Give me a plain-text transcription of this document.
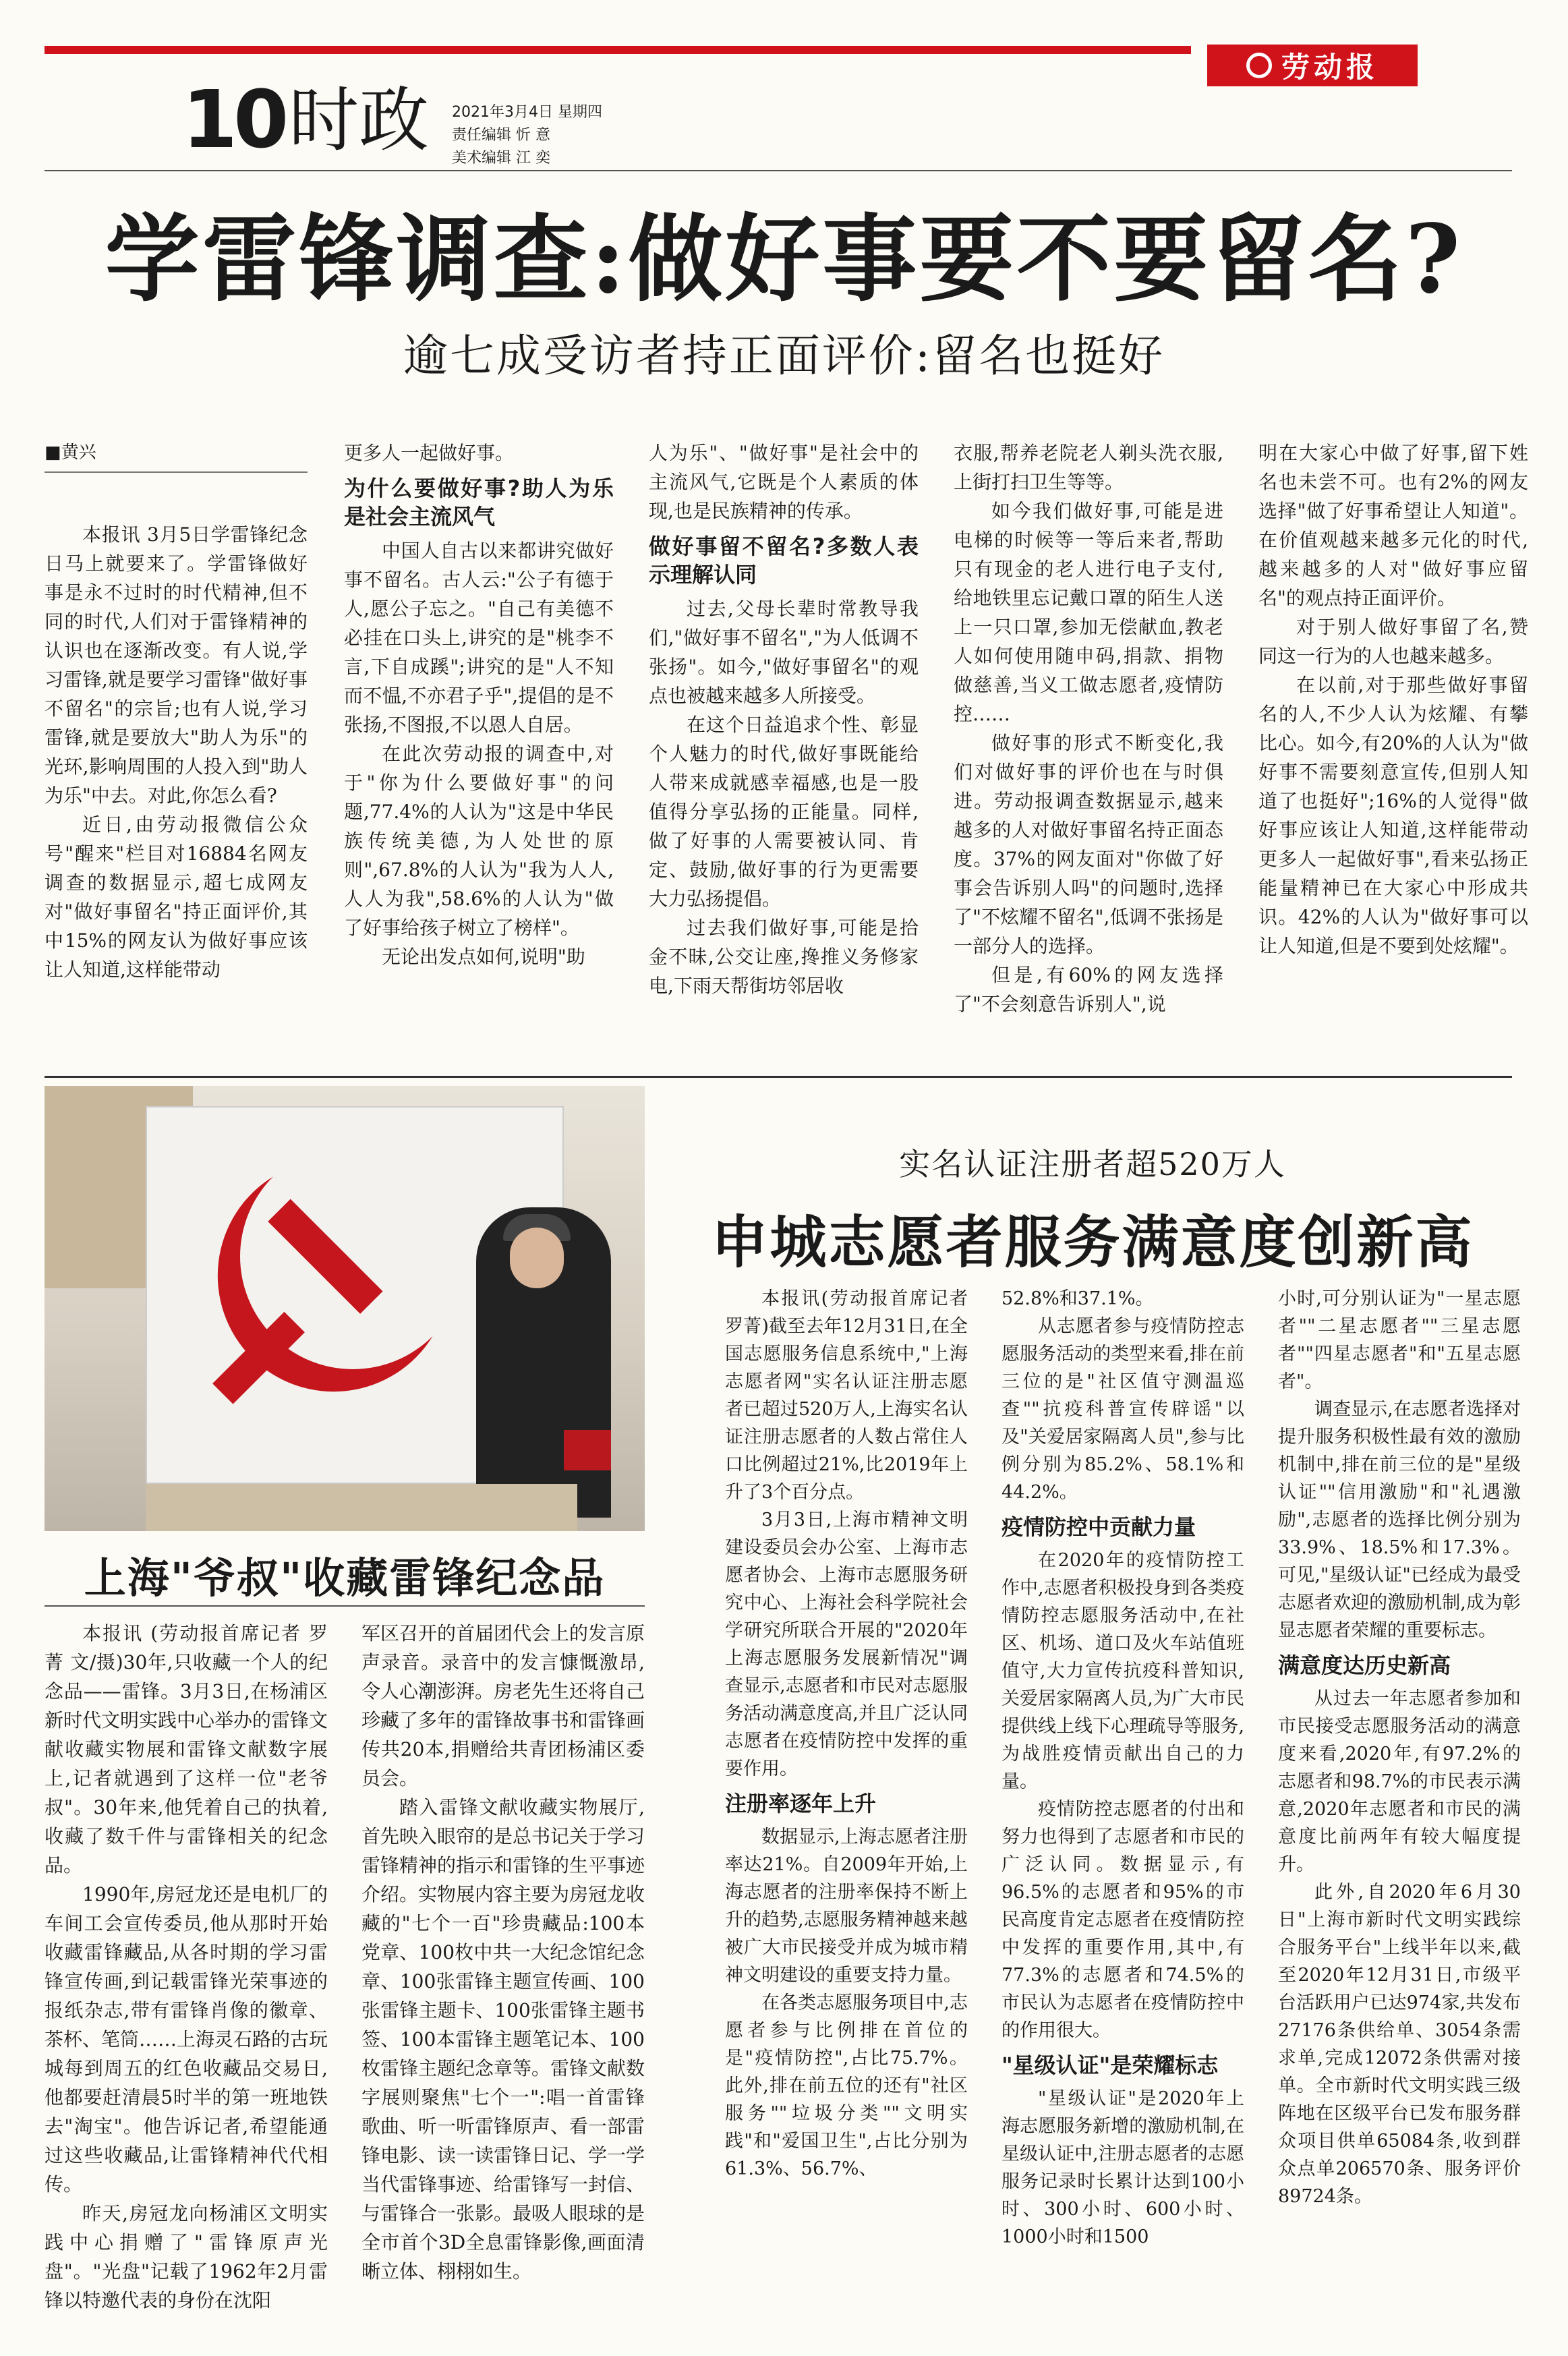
劳动报
10 时政 2021年3月4日 星期四
责任编辑 忻 意
美术编辑 江 奕
学雷锋调查:做好事要不要留名?
逾七成受访者持正面评价:留名也挺好
■黄兴

本报讯 3月5日学雷锋纪念日马上就要来了。学雷锋做好事是永不过时的时代精神,但不同的时代,人们对于雷锋精神的认识也在逐渐改变。有人说,学习雷锋,就是要学习雷锋"做好事不留名"的宗旨;也有人说,学习雷锋,就是要放大"助人为乐"的光环,影响周围的人投入到"助人为乐"中去。对此,你怎么看?

近日,由劳动报微信公众号"醒来"栏目对16884名网友调查的数据显示,超七成网友对"做好事留名"持正面评价,其中15%的网友认为做好事应该让人知道,这样能带动

更多人一起做好事。

为什么要做好事?助人为乐是社会主流风气

中国人自古以来都讲究做好事不留名。古人云:"公子有德于人,愿公子忘之。"自己有美德不必挂在口头上,讲究的是"桃李不言,下自成蹊";讲究的是"人不知而不愠,不亦君子乎",提倡的是不张扬,不图报,不以恩人自居。

在此次劳动报的调查中,对于"你为什么要做好事"的问题,77.4%的人认为"这是中华民族传统美德,为人处世的原则",67.8%的人认为"我为人人,人人为我",58.6%的人认为"做了好事给孩子树立了榜样"。

无论出发点如何,说明"助

人为乐"、"做好事"是社会中的主流风气,它既是个人素质的体现,也是民族精神的传承。

做好事留不留名?多数人表示理解认同

过去,父母长辈时常教导我们,"做好事不留名","为人低调不张扬"。如今,"做好事留名"的观点也被越来越多人所接受。

在这个日益追求个性、彰显个人魅力的时代,做好事既能给人带来成就感幸福感,也是一股值得分享弘扬的正能量。同样,做了好事的人需要被认同、肯定、鼓励,做好事的行为更需要大力弘扬提倡。

过去我们做好事,可能是拾金不昧,公交让座,搀推义务修家电,下雨天帮街坊邻居收

衣服,帮养老院老人剃头洗衣服,上街打扫卫生等等。

如今我们做好事,可能是进电梯的时候等一等后来者,帮助只有现金的老人进行电子支付,给地铁里忘记戴口罩的陌生人送上一只口罩,参加无偿献血,教老人如何使用随申码,捐款、捐物做慈善,当义工做志愿者,疫情防控……

做好事的形式不断变化,我们对做好事的评价也在与时俱进。劳动报调查数据显示,越来越多的人对做好事留名持正面态度。37%的网友面对"你做了好事会告诉别人吗"的问题时,选择了"不炫耀不留名",低调不张扬是一部分人的选择。

但是,有60%的网友选择了"不会刻意告诉别人",说

明在大家心中做了好事,留下姓名也未尝不可。也有2%的网友选择"做了好事希望让人知道"。在价值观越来越多元化的时代,越来越多的人对"做好事应留名"的观点持正面评价。

对于别人做好事留了名,赞同这一行为的人也越来越多。

在以前,对于那些做好事留名的人,不少人认为炫耀、有攀比心。如今,有20%的人认为"做好事不需要刻意宣传,但别人知道了也挺好";16%的人觉得"做好事应该让人知道,这样能带动更多人一起做好事",看来弘扬正能量精神已在大家心中形成共识。42%的人认为"做好事可以让人知道,但是不要到处炫耀"。

上海"爷叔"收藏雷锋纪念品

本报讯 (劳动报首席记者 罗菁 文/摄)30年,只收藏一个人的纪念品——雷锋。3月3日,在杨浦区新时代文明实践中心举办的雷锋文献收藏实物展和雷锋文献数字展上,记者就遇到了这样一位"老爷叔"。30年来,他凭着自己的执着,收藏了数千件与雷锋相关的纪念品。

1990年,房冠龙还是电机厂的车间工会宣传委员,他从那时开始收藏雷锋藏品,从各时期的学习雷锋宣传画,到记载雷锋光荣事迹的报纸杂志,带有雷锋肖像的徽章、茶杯、笔筒……上海灵石路的古玩城每到周五的红色收藏品交易日,他都要赶清晨5时半的第一班地铁去"淘宝"。他告诉记者,希望能通过这些收藏品,让雷锋精神代代相传。

昨天,房冠龙向杨浦区文明实践中心捐赠了"雷锋原声光盘"。"光盘"记载了1962年2月雷锋以特邀代表的身份在沈阳

军区召开的首届团代会上的发言原声录音。录音中的发言慷慨激昂,令人心潮澎湃。房老先生还将自己珍藏了多年的雷锋故事书和雷锋画传共20本,捐赠给共青团杨浦区委员会。

踏入雷锋文献收藏实物展厅,首先映入眼帘的是总书记关于学习雷锋精神的指示和雷锋的生平事迹介绍。实物展内容主要为房冠龙收藏的"七个一百"珍贵藏品:100本党章、100枚中共一大纪念馆纪念章、100张雷锋主题宣传画、100张雷锋主题卡、100张雷锋主题书签、100本雷锋主题笔记本、100枚雷锋主题纪念章等。雷锋文献数字展则聚焦"七个一":唱一首雷锋歌曲、听一听雷锋原声、看一部雷锋电影、读一读雷锋日记、学一学当代雷锋事迹、给雷锋写一封信、与雷锋合一张影。最吸人眼球的是全市首个3D全息雷锋影像,画面清晰立体、栩栩如生。

实名认证注册者超520万人
申城志愿者服务满意度创新高

本报讯(劳动报首席记者 罗菁)截至去年12月31日,在全国志愿服务信息系统中,"上海志愿者网"实名认证注册志愿者已超过520万人,上海实名认证注册志愿者的人数占常住人口比例超过21%,比2019年上升了3个百分点。

3月3日,上海市精神文明建设委员会办公室、上海市志愿者协会、上海市志愿服务研究中心、上海社会科学院社会学研究所联合开展的"2020年上海志愿服务发展新情况"调查显示,志愿者和市民对志愿服务活动满意度高,并且广泛认同志愿者在疫情防控中发挥的重要作用。

注册率逐年上升

数据显示,上海志愿者注册率达21%。自2009年开始,上海志愿者的注册率保持不断上升的趋势,志愿服务精神越来越被广大市民接受并成为城市精神文明建设的重要支持力量。

在各类志愿服务项目中,志愿者参与比例排在首位的是"疫情防控",占比75.7%。此外,排在前五位的还有"社区服务""垃圾分类""文明实践"和"爱国卫生",占比分别为61.3%、56.7%、

52.8%和37.1%。

从志愿者参与疫情防控志愿服务活动的类型来看,排在前三位的是"社区值守测温巡查""抗疫科普宣传辟谣"以及"关爱居家隔离人员",参与比例分别为85.2%、58.1%和44.2%。

疫情防控中贡献力量

在2020年的疫情防控工作中,志愿者积极投身到各类疫情防控志愿服务活动中,在社区、机场、道口及火车站值班值守,大力宣传抗疫科普知识,关爱居家隔离人员,为广大市民提供线上线下心理疏导等服务,为战胜疫情贡献出自己的力量。

疫情防控志愿者的付出和努力也得到了志愿者和市民的广泛认同。数据显示,有96.5%的志愿者和95%的市民高度肯定志愿者在疫情防控中发挥的重要作用,其中,有77.3%的志愿者和74.5%的市民认为志愿者在疫情防控中的作用很大。

"星级认证"是荣耀标志

"星级认证"是2020年上海志愿服务新增的激励机制,在星级认证中,注册志愿者的志愿服务记录时长累计达到100小时、300小时、600小时、1000小时和1500

小时,可分别认证为"一星志愿者""二星志愿者""三星志愿者""四星志愿者"和"五星志愿者"。

调查显示,在志愿者选择对提升服务积极性最有效的激励机制中,排在前三位的是"星级认证""信用激励"和"礼遇激励",志愿者的选择比例分别为33.9%、18.5%和17.3%。可见,"星级认证"已经成为最受志愿者欢迎的激励机制,成为彰显志愿者荣耀的重要标志。

满意度达历史新高

从过去一年志愿者参加和市民接受志愿服务活动的满意度来看,2020年,有97.2%的志愿者和98.7%的市民表示满意,2020年志愿者和市民的满意度比前两年有较大幅度提升。

此外,自2020年6月30日"上海市新时代文明实践综合服务平台"上线半年以来,截至2020年12月31日,市级平台活跃用户已达974家,共发布27176条供给单、3054条需求单,完成12072条供需对接单。全市新时代文明实践三级阵地在区级平台已发布服务群众项目供单65084条,收到群众点单206570条、服务评价89724条。
